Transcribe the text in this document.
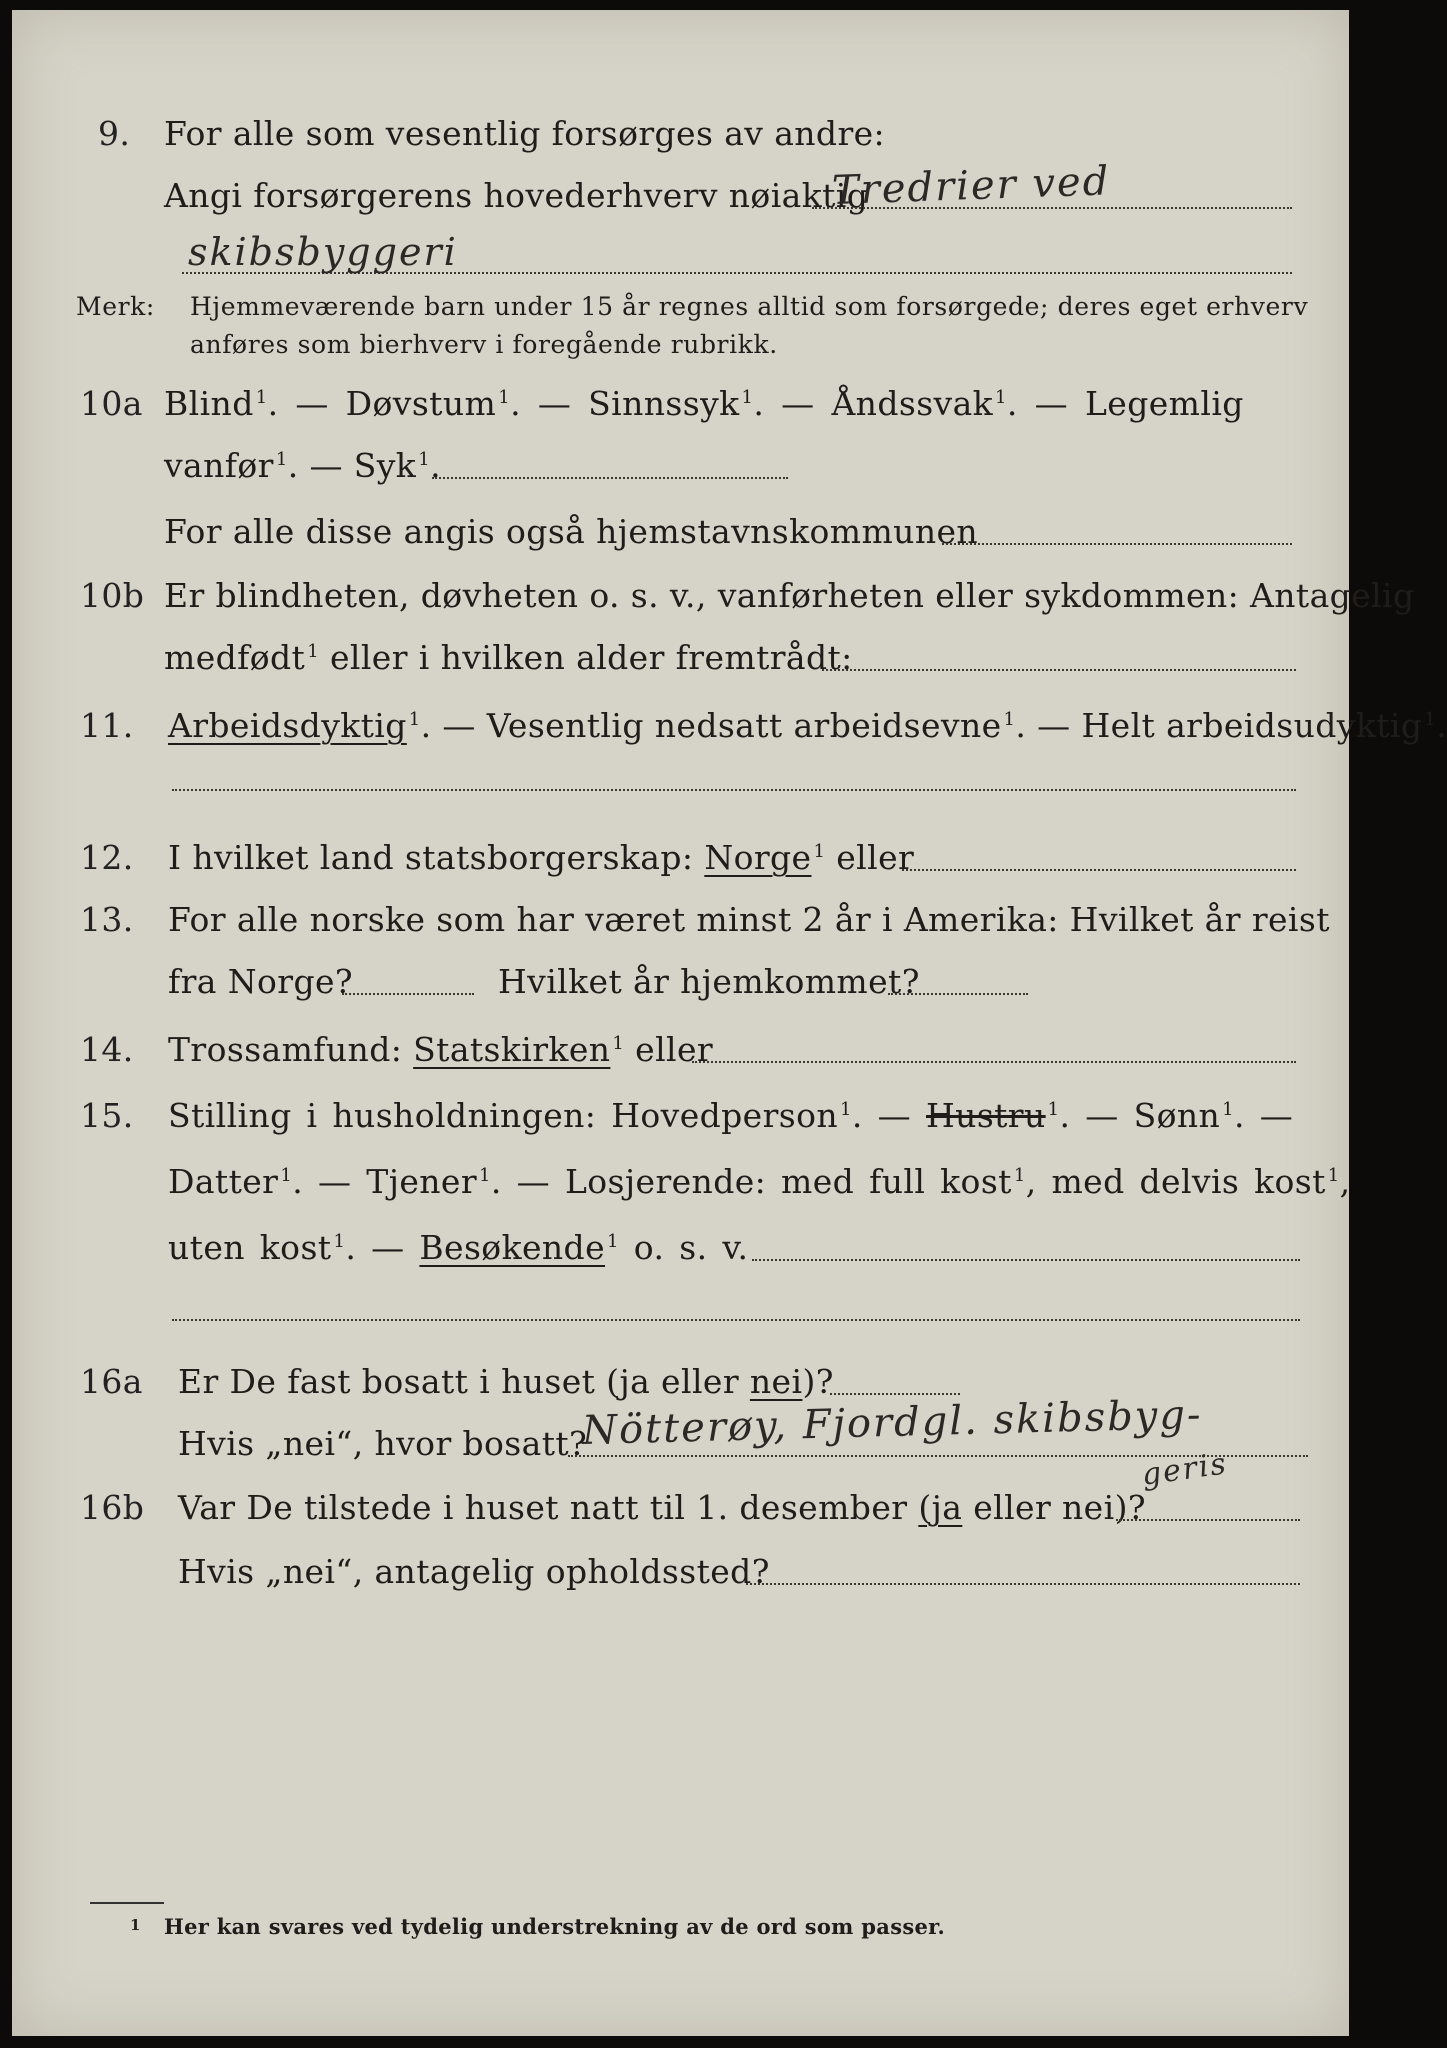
9. For alle som vesentlig forsørges av andre:
Angi forsørgerens hovederhverv nøiaktig
Tredrier ved
skibsbyggeri
Merk: Hjemmeværende barn under 15 år regnes alltid som forsørgede; deres eget erhverv
anføres som bierhverv i foregående rubrikk.
10a Blind $^1$. — Døvstum $^1$. — Sinnssyk $^1$. — Åndssvak $^1$. — Legemlig
vanfør $^1$. — Syk $^1$.
For alle disse angis også hjemstavnskommunen
10b Er blindheten, døvheten o. s. v., vanførheten eller sykdommen: Antagelig
medfødt $^1$ eller i hvilken alder fremtrådt:
11. Arbeidsdyktig $^1$. — Vesentlig nedsatt arbeidsevne $^1$. — Helt arbeidsudyktig $^1$.
12. I hvilket land statsborgerskap: Norge $^1$ eller
13. For alle norske som har været minst 2 år i Amerika: Hvilket år reist
fra Norge?	Hvilket år hjemkommet?
14. Trossamfund: Statskirken $^1$ eller
15. Stilling i husholdningen: Hovedperson $^1$. — Hustru $^1$. — Sønn $^1$. —
Datter $^1$. — Tjener $^1$. — Losjerende: med full kost $^1$, med delvis kost $^1$,
uten kost $^1$. — Besøkende $^1$ o. s. v.
16a Er De fast bosatt i huset (ja eller nei)?
Hvis „nei“, hvor bosatt?
Nötterøy, Fjordgl. skibsbyg-
geris
16b Var De tilstede i huset natt til 1. desember (ja eller nei)?
Hvis „nei“, antagelig opholdssted?
1 Her kan svares ved tydelig understrekning av de ord som passer.
